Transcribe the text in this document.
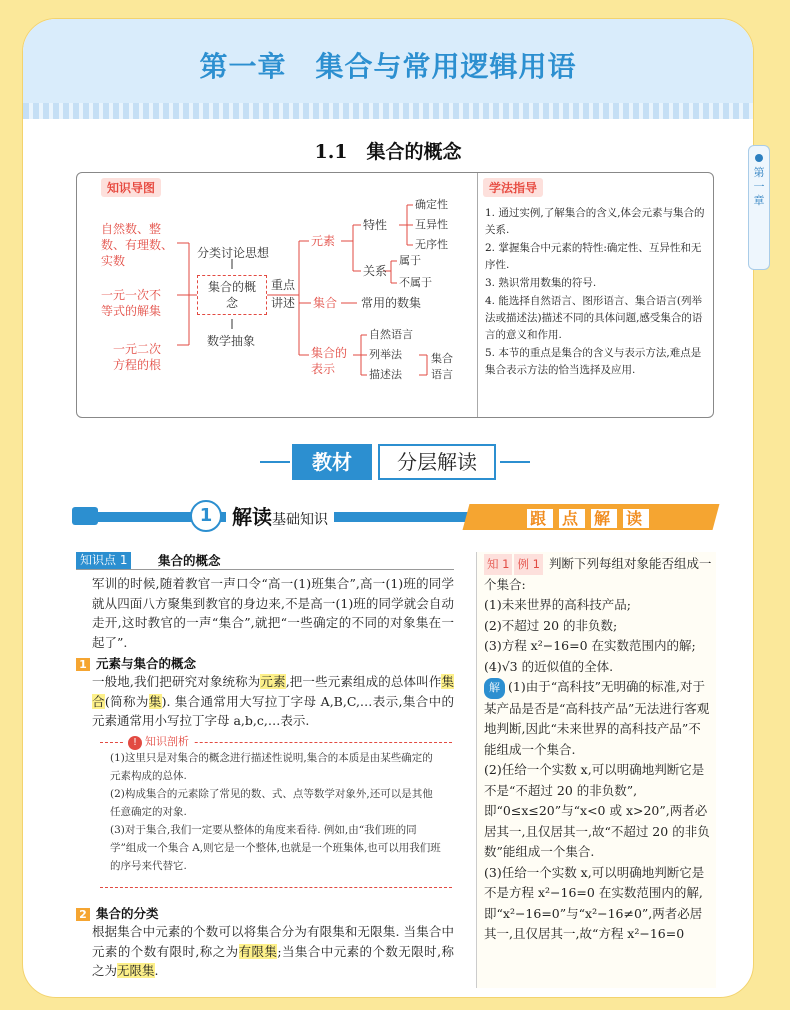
第一章　集合与常用逻辑用语
1.1　集合的概念
第
一
章
知识导图	学法指导
自然数、整
数、有理数、
实数
一元一次不
等式的解集
一元二次
方程的根
分类讨论思想
集合的概念
数学抽象
重点
讲述
元素
集合
集合的表示
特性
确定性
互异性
无序性
关系
属于
不属于
常用的数集
自然语言
列举法
描述法
集合语言
1. 通过实例,了解集合的含义,体会元素与集合的关系.
2. 掌握集合中元素的特性:确定性、互异性和无序性.
3. 熟识常用数集的符号.
4. 能选择自然语言、图形语言、集合语言(列举法或描述法)描述不同的具体问题,感受集合的语言的意义和作用.
5. 本节的重点是集合的含义与表示方法,难点是集合表示方法的恰当选择及应用.
教材	分层解读
1 解读基础知识	跟 点 解 读
知识点 1	集合的概念
军训的时候,随着教官一声口令“高一(1)班集合”,高一(1)班的同学就从四面八方聚集到教官的身边来,不是高一(1)班的同学就会自动走开,这时教官的一声“集合”,就把“一些确定的不同的对象集在一起了”.
1 元素与集合的概念
一般地,我们把研究对象统称为元素,把一些元素组成的总体叫作集合(简称为集). 集合通常用大写拉丁字母 A,B,C,…表示,集合中的元素通常用小写拉丁字母 a,b,c,…表示.
! 知识剖析
(1)这里只是对集合的概念进行描述性说明,集合的本质是由某些确定的元素构成的总体.
(2)构成集合的元素除了常见的数、式、点等数学对象外,还可以是其他任意确定的对象.
(3)对于集合,我们一定要从整体的角度来看待. 例如,由“我们班的同学”组成一个集合 A,则它是一个整体,也就是一个班集体,也可以用我们班的序号来代替它.
2 集合的分类
根据集合中元素的个数可以将集合分为有限集和无限集. 当集合中元素的个数有限时,称之为有限集;当集合中元素的个数无限时,称之为无限集.
知 1 例 1 判断下列每组对象能否组成一个集合:
(1)未来世界的高科技产品;
(2)不超过 20 的非负数;
(3)方程 x²−16=0 在实数范围内的解;
(4)√3 的近似值的全体.
解 (1)由于“高科技”无明确的标准,对于某产品是否是“高科技产品”无法进行客观地判断,因此“未来世界的高科技产品”不能组成一个集合.
(2)任给一个实数 x,可以明确地判断它是不是“不超过 20 的非负数”,即“0≤x≤20”与“x<0 或 x>20”,两者必居其一,且仅居其一,故“不超过 20 的非负数”能组成一个集合.
(3)任给一个实数 x,可以明确地判断它是不是方程 x²−16=0 在实数范围内的解,即“x²−16=0”与“x²−16≠0”,两者必居其一,且仅居其一,故“方程 x²−16=0
